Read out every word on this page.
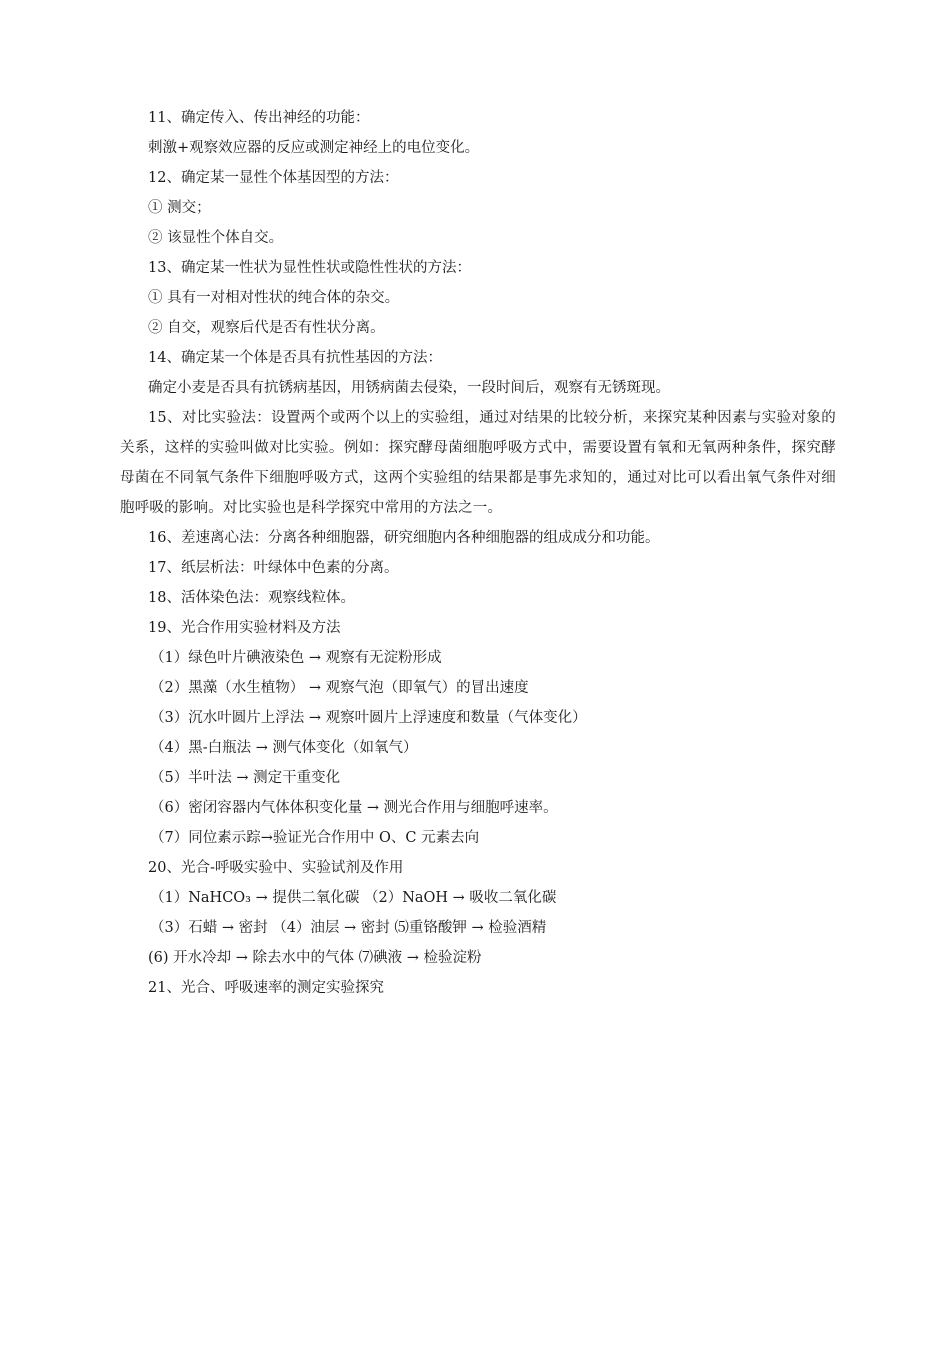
11、确定传入、传出神经的功能：

刺激+观察效应器的反应或测定神经上的电位变化。

12、确定某一显性个体基因型的方法：

① 测交；

② 该显性个体自交。

13、确定某一性状为显性性状或隐性性状的方法：

① 具有一对相对性状的纯合体的杂交。

② 自交，观察后代是否有性状分离。

14、确定某一个体是否具有抗性基因的方法：

确定小麦是否具有抗锈病基因，用锈病菌去侵染，一段时间后，观察有无锈斑现。

15、对比实验法：设置两个或两个以上的实验组，通过对结果的比较分析，来探究某种因素与实验对象的关系，这样的实验叫做对比实验。例如：探究酵母菌细胞呼吸方式中，需要设置有氧和无氧两种条件，探究酵母菌在不同氧气条件下细胞呼吸方式，这两个实验组的结果都是事先求知的，通过对比可以看出氧气条件对细胞呼吸的影响。对比实验也是科学探究中常用的方法之一。

16、差速离心法：分离各种细胞器，研究细胞内各种细胞器的组成成分和功能。

17、纸层析法：叶绿体中色素的分离。

18、活体染色法：观察线粒体。

19、光合作用实验材料及方法

（1）绿色叶片碘液染色 → 观察有无淀粉形成

（2）黑藻（水生植物） → 观察气泡（即氧气）的冒出速度

（3）沉水叶圆片上浮法 → 观察叶圆片上浮速度和数量（气体变化）

（4）黑-白瓶法 → 测气体变化（如氧气）

（5）半叶法 → 测定干重变化

（6）密闭容器内气体体积变化量 → 测光合作用与细胞呼速率。

（7）同位素示踪→验证光合作用中 O、C 元素去向

20、光合-呼吸实验中、实验试剂及作用

（1）NaHCO₃ → 提供二氧化碳 （2）NaOH → 吸收二氧化碳

（3）石蜡 → 密封 （4）油层 → 密封 ⑸重铬酸钾 → 检验酒精

(6) 开水冷却 → 除去水中的气体 ⑺碘液 → 检验淀粉

21、光合、呼吸速率的测定实验探究
